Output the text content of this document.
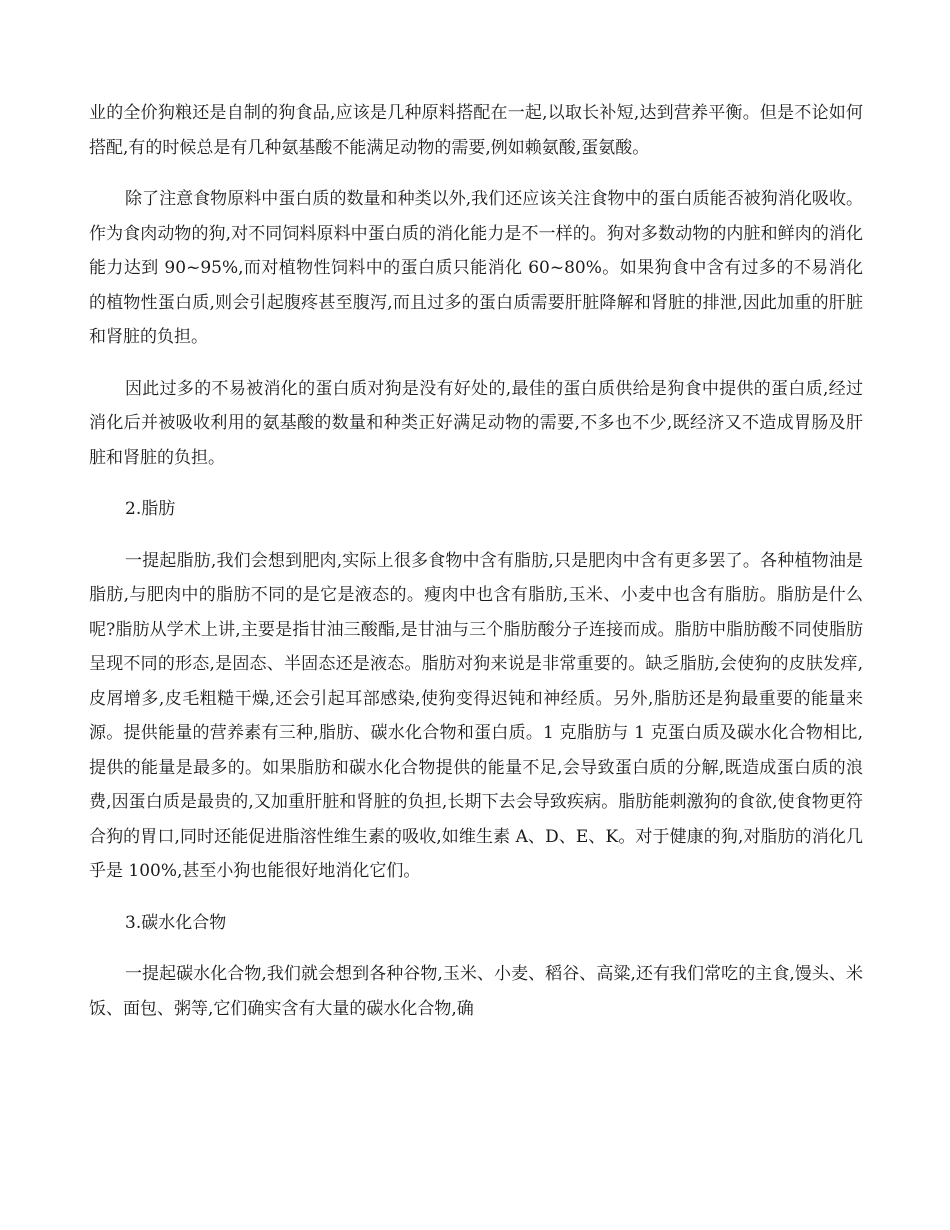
业的全价狗粮还是自制的狗食品,应该是几种原料搭配在一起,以取长补短,达到营养平衡。但是不论如何搭配,有的时候总是有几种氨基酸不能满足动物的需要,例如赖氨酸,蛋氨酸。

除了注意食物原料中蛋白质的数量和种类以外,我们还应该关注食物中的蛋白质能否被狗消化吸收。作为食肉动物的狗,对不同饲料原料中蛋白质的消化能力是不一样的。狗对多数动物的内脏和鲜肉的消化能力达到 90~95%,而对植物性饲料中的蛋白质只能消化 60~80%。如果狗食中含有过多的不易消化的植物性蛋白质,则会引起腹疼甚至腹泻,而且过多的蛋白质需要肝脏降解和肾脏的排泄,因此加重的肝脏和肾脏的负担。

因此过多的不易被消化的蛋白质对狗是没有好处的,最佳的蛋白质供给是狗食中提供的蛋白质,经过消化后并被吸收利用的氨基酸的数量和种类正好满足动物的需要,不多也不少,既经济又不造成胃肠及肝脏和肾脏的负担。

2.脂肪

一提起脂肪,我们会想到肥肉,实际上很多食物中含有脂肪,只是肥肉中含有更多罢了。各种植物油是脂肪,与肥肉中的脂肪不同的是它是液态的。瘦肉中也含有脂肪,玉米、小麦中也含有脂肪。脂肪是什么呢?脂肪从学术上讲,主要是指甘油三酸酯,是甘油与三个脂肪酸分子连接而成。脂肪中脂肪酸不同使脂肪呈现不同的形态,是固态、半固态还是液态。脂肪对狗来说是非常重要的。缺乏脂肪,会使狗的皮肤发痒,皮屑增多,皮毛粗糙干燥,还会引起耳部感染,使狗变得迟钝和神经质。另外,脂肪还是狗最重要的能量来源。提供能量的营养素有三种,脂肪、碳水化合物和蛋白质。1 克脂肪与 1 克蛋白质及碳水化合物相比,提供的能量是最多的。如果脂肪和碳水化合物提供的能量不足,会导致蛋白质的分解,既造成蛋白质的浪费,因蛋白质是最贵的,又加重肝脏和肾脏的负担,长期下去会导致疾病。脂肪能刺激狗的食欲,使食物更符合狗的胃口,同时还能促进脂溶性维生素的吸收,如维生素 A、D、E、K。对于健康的狗,对脂肪的消化几乎是 100%,甚至小狗也能很好地消化它们。

3.碳水化合物

一提起碳水化合物,我们就会想到各种谷物,玉米、小麦、稻谷、高粱,还有我们常吃的主食,馒头、米饭、面包、粥等,它们确实含有大量的碳水化合物,确
